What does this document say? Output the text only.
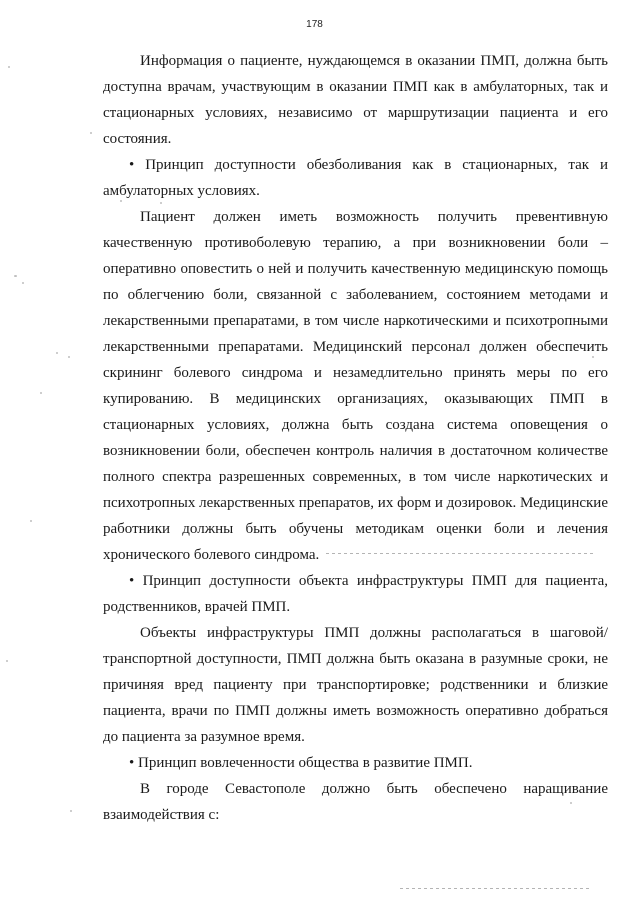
178

Информация о пациенте, нуждающемся в оказании ПМП, должна быть доступна врачам, участвующим в оказании ПМП как в амбулаторных, так и стационарных условиях, независимо от маршрутизации пациента и его состояния.

• Принцип доступности обезболивания как в стационарных, так и амбулаторных условиях.

Пациент должен иметь возможность получить превентивную качественную противоболевую терапию, а при возникновении боли – оперативно оповестить о ней и получить качественную медицинскую помощь по облегчению боли, связанной с заболеванием, состоянием методами и лекарственными препаратами, в том числе наркотическими и психотропными лекарственными препаратами. Медицинский персонал должен обеспечить скрининг болевого синдрома и незамедлительно принять меры по его купированию. В медицинских организациях, оказывающих ПМП в стационарных условиях, должна быть создана система оповещения о возникновении боли, обеспечен контроль наличия в достаточном количестве полного спектра разрешенных современных, в том числе наркотических и психотропных лекарственных препаратов, их форм и дозировок. Медицинские работники должны быть обучены методикам оценки боли и лечения хронического болевого синдрома.

• Принцип доступности объекта инфраструктуры ПМП для пациента, родственников, врачей ПМП.

Объекты инфраструктуры ПМП должны располагаться в шаговой/транспортной доступности, ПМП должна быть оказана в разумные сроки, не причиняя вред пациенту при транспортировке; родственники и близкие пациента, врачи по ПМП должны иметь возможность оперативно добраться до пациента за разумное время.

• Принцип вовлеченности общества в развитие ПМП.

В городе Севастополе должно быть обеспечено наращивание взаимодействия с:
